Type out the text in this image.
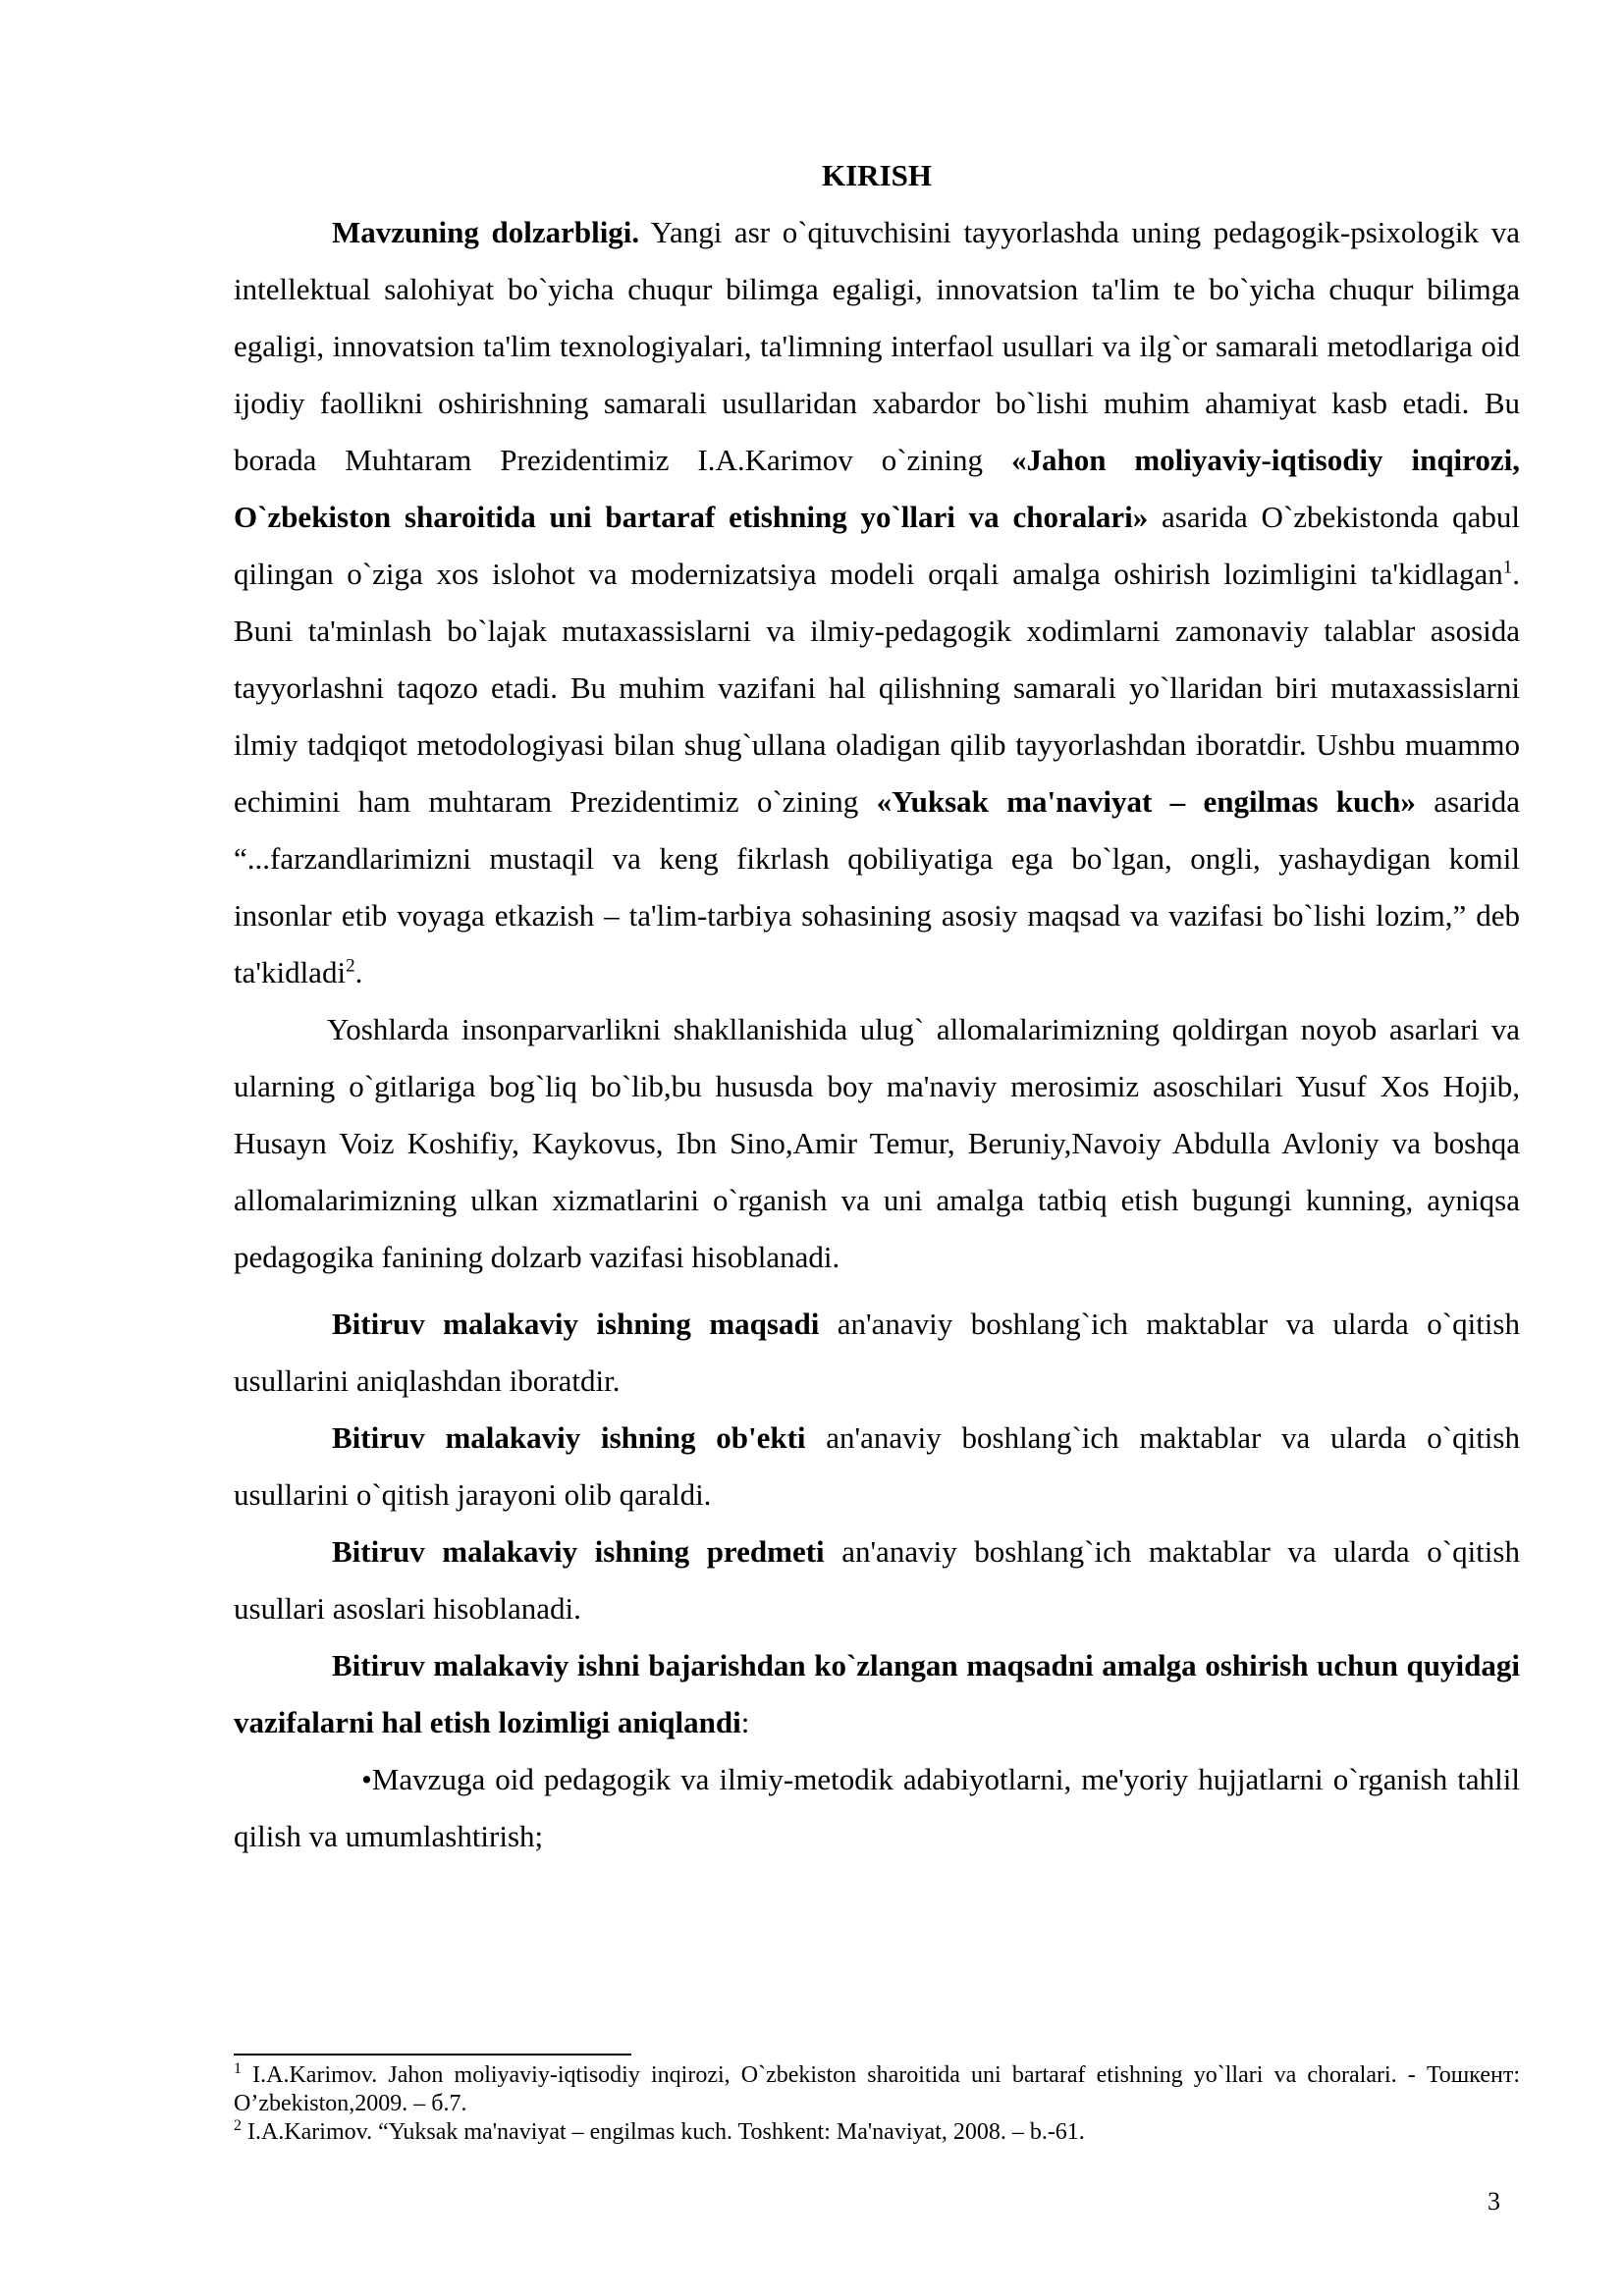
KIRISH

Mavzuning dolzarbligi. Yangi asr o`qituvchisini tayyorlashda uning pedagogik-psixologik va intellektual salohiyat bo`yicha chuqur bilimga egaligi, innovatsion ta'lim te bo`yicha chuqur bilimga egaligi, innovatsion ta'lim texnologiyalari, ta'limning interfaol usullari va ilg`or samarali metodlariga oid ijodiy faollikni oshirishning samarali usullaridan xabardor bo`lishi muhim ahamiyat kasb etadi. Bu borada Muhtaram Prezidentimiz I.A.Karimov o`zining «Jahon moliyaviy-iqtisodiy inqirozi, O`zbekiston sharoitida uni bartaraf etishning yo`llari va choralari» asarida O`zbekistonda qabul qilingan o`ziga xos islohot va modernizatsiya modeli orqali amalga oshirish lozimligini ta'kidlagan$^1$. Buni ta'minlash bo`lajak mutaxassislarni va ilmiy-pedagogik xodimlarni zamonaviy talablar asosida tayyorlashni taqozo etadi. Bu muhim vazifani hal qilishning samarali yo`llaridan biri mutaxassislarni ilmiy tadqiqot metodologiyasi bilan shug`ullana oladigan qilib tayyorlashdan iboratdir. Ushbu muammo echimini ham muhtaram Prezidentimiz o`zining «Yuksak ma'naviyat – engilmas kuch» asarida “...farzandlarimizni mustaqil va keng fikrlash qobiliyatiga ega bo`lgan, ongli, yashaydigan komil insonlar etib voyaga etkazish – ta'lim-tarbiya sohasining asosiy maqsad va vazifasi bo`lishi lozim,” deb ta'kidladi$^2$.

Yoshlarda insonparvarlikni shakllanishida ulug` allomalarimizning qoldirgan noyob asarlari va ularning o`gitlariga bog`liq bo`lib,bu hususda boy ma'naviy merosimiz asoschilari Yusuf Xos Hojib, Husayn Voiz Koshifiy, Kaykovus, Ibn Sino,Amir Temur, Beruniy,Navoiy Abdulla Avloniy va boshqa allomalarimizning ulkan xizmatlarini o`rganish va uni amalga tatbiq etish bugungi kunning, ayniqsa pedagogika fanining dolzarb vazifasi hisoblanadi.

Bitiruv malakaviy ishning maqsadi an'anaviy boshlang`ich maktablar va ularda o`qitish usullarini aniqlashdan iboratdir.

Bitiruv malakaviy ishning ob'ekti an'anaviy boshlang`ich maktablar va ularda o`qitish usullarini o`qitish jarayoni olib qaraldi.

Bitiruv malakaviy ishning predmeti an'anaviy boshlang`ich maktablar va ularda o`qitish usullari asoslari hisoblanadi.

Bitiruv malakaviy ishni bajarishdan ko`zlangan maqsadni amalga oshirish uchun quyidagi vazifalarni hal etish lozimligi aniqlandi:

•Mavzuga oid pedagogik va ilmiy-metodik adabiyotlarni, me'yoriy hujjatlarni o`rganish tahlil qilish va umumlashtirish;

$^1$ I.A.Karimov. Jahon moliyaviy-iqtisodiy inqirozi, O`zbekiston sharoitida uni bartaraf etishning yo`llari va choralari. - Тошкент: O’zbekiston,2009. – б.7.
$^2$ I.A.Karimov. “Yuksak ma'naviyat – engilmas kuch. Toshkent: Ma'naviyat, 2008. – b.-61.
3
